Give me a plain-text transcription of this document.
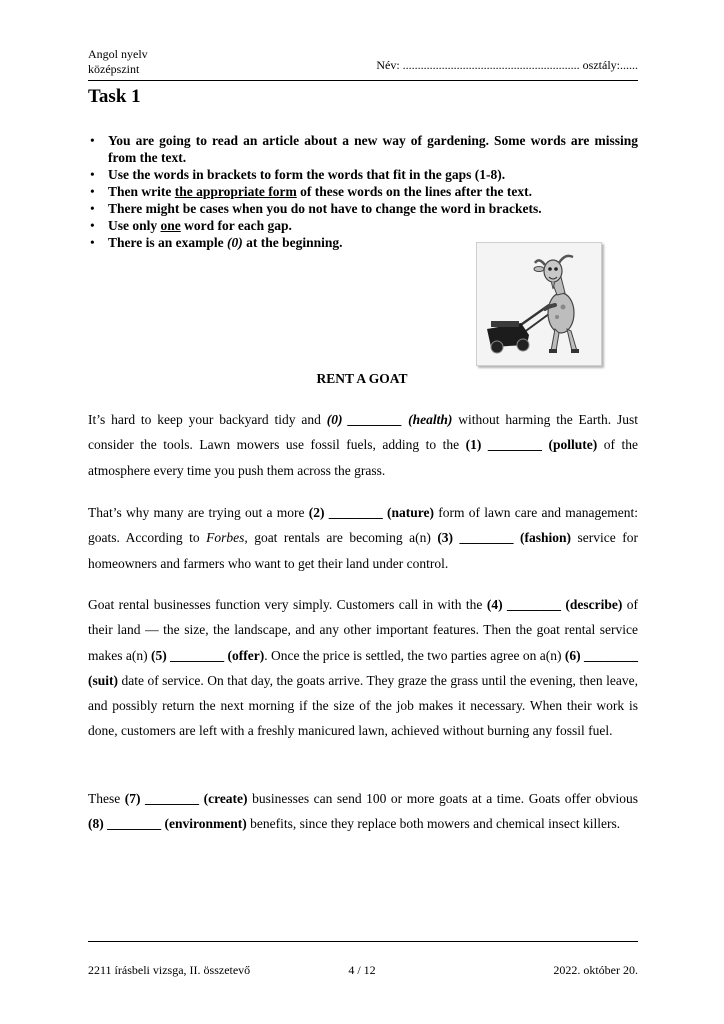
Angol nyelv
középszint	Név: ........................................................... osztály:......
Task 1
• You are going to read an article about a new way of gardening. Some words are missing from the text.
• Use the words in brackets to form the words that fit in the gaps (1-8).
• Then write the appropriate form of these words on the lines after the text.
• There might be cases when you do not have to change the word in brackets.
• Use only one word for each gap.
• There is an example (0) at the beginning.
RENT A GOAT

It’s hard to keep your backyard tidy and (0) ________ (health) without harming the Earth. Just consider the tools. Lawn mowers use fossil fuels, adding to the (1) ________ (pollute) of the atmosphere every time you push them across the grass.

That’s why many are trying out a more (2) ________ (nature) form of lawn care and management: goats. According to Forbes, goat rentals are becoming a(n) (3) ________ (fashion) service for homeowners and farmers who want to get their land under control.

Goat rental businesses function very simply. Customers call in with the (4) ________ (describe) of their land — the size, the landscape, and any other important features. Then the goat rental service makes a(n) (5) ________ (offer). Once the price is settled, the two parties agree on a(n) (6) ________ (suit) date of service. On that day, the goats arrive. They graze the grass until the evening, then leave, and possibly return the next morning if the size of the job makes it necessary. When their work is done, customers are left with a freshly manicured lawn, achieved without burning any fossil fuel.

These (7) ________ (create) businesses can send 100 or more goats at a time. Goats offer obvious (8) ________ (environment) benefits, since they replace both mowers and chemical insect killers.

2211 írásbeli vizsga, II. összetevő	4 / 12	2022. október 20.
